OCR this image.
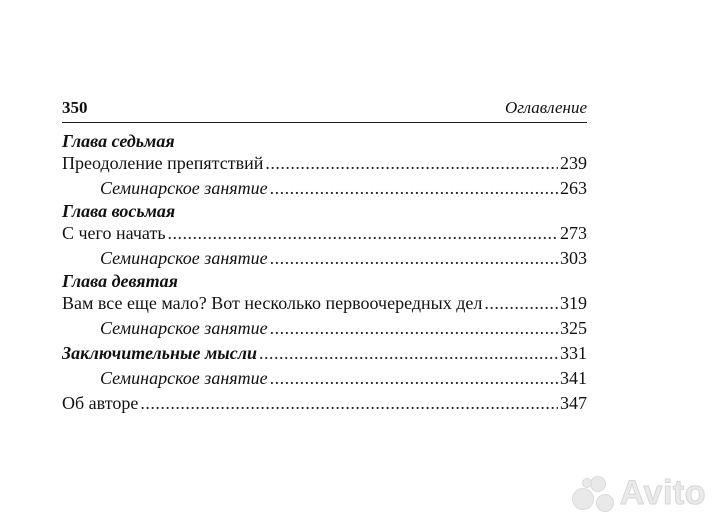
350	Оглавление
Глава седьмая
Преодоление препятствий .....	239
Семинарское занятие .....	263
Глава восьмая
С чего начать .....	273
Семинарское занятие .....	303
Глава девятая
Вам все еще мало? Вот несколько первоочередных дел .....	319
Семинарское занятие .....	325
Заключительные мысли .....	331
Семинарское занятие .....	341
Об авторе .....	347
Avito
